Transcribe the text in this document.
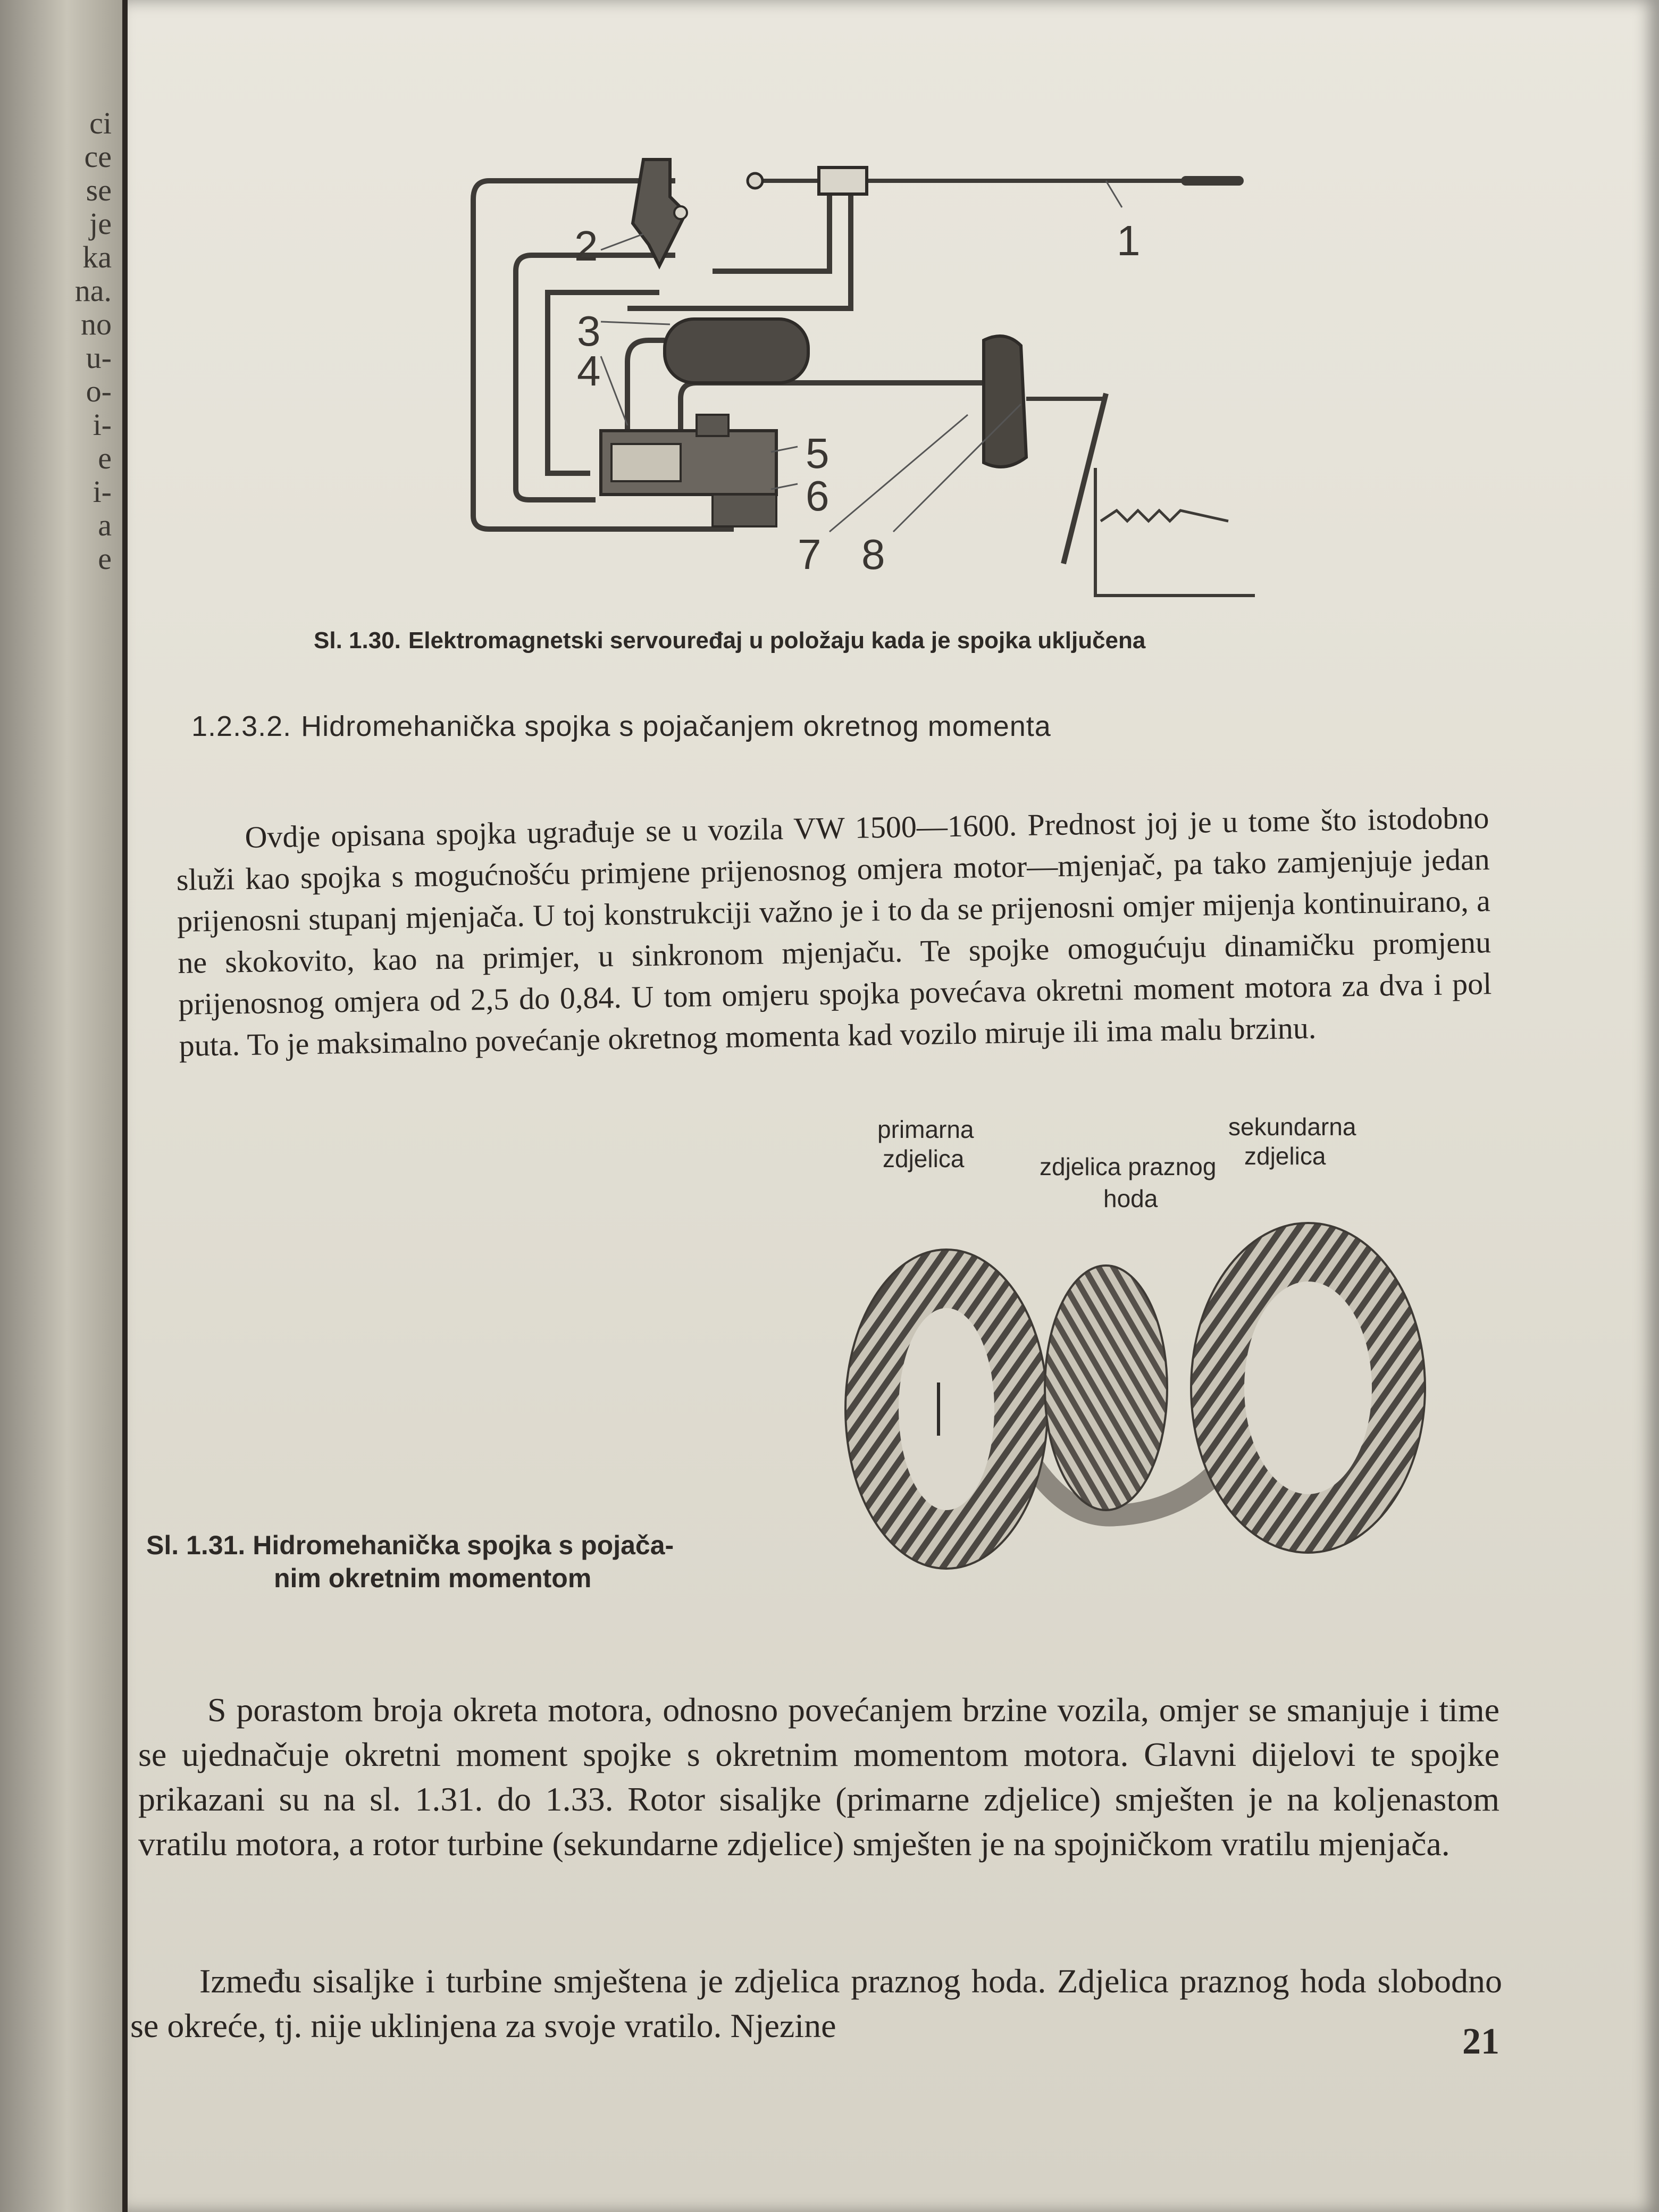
ci
ce
se
je
ka
na.
no
u-
o-
i-
e
i-
a
e
1
2
3
4
5
6
7 8
Sl. 1.30. Elektromagnetski servouređaj u položaju kada je spojka uključena
1.2.3.2. Hidromehanička spojka s pojačanjem okretnog momenta

Ovdje opisana spojka ugrađuje se u vozila VW 1500—1600. Prednost joj je u tome što istodobno služi kao spojka s mogućnošću primjene prijenosnog omjera motor—mjenjač, pa tako zamjenjuje jedan prijenosni stupanj mjenjača. U toj konstrukciji važno je i to da se prijenosni omjer mijenja kontinuirano, a ne skokovito, kao na primjer, u sinkronom mjenjaču. Te spojke omogućuju dinamičku promjenu prijenosnog omjera od 2,5 do 0,84. U tom omjeru spojka povećava okretni moment motora za dva i pol puta. To je maksimalno povećanje okretnog momenta kad vozilo miruje ili ima malu brzinu.

primarna
zdjelica	zdjelica praznog
hoda
sekundarna
zdjelica
Sl. 1.31. Hidromehanička spojka s pojača-
nim okretnim momentom

S porastom broja okreta motora, odnosno povećanjem brzine vozila, omjer se smanjuje i time se ujednačuje okretni moment spojke s okretnim momentom motora. Glavni dijelovi te spojke prikazani su na sl. 1.31. do 1.33. Rotor sisaljke (primarne zdjelice) smješten je na koljenastom vratilu motora, a rotor turbine (sekundarne zdjelice) smješten je na spojničkom vratilu mjenjača.

Između sisaljke i turbine smještena je zdjelica praznog hoda. Zdjelica praznog hoda slobodno se okreće, tj. nije uklinjena za svoje vratilo. Njezine	21
